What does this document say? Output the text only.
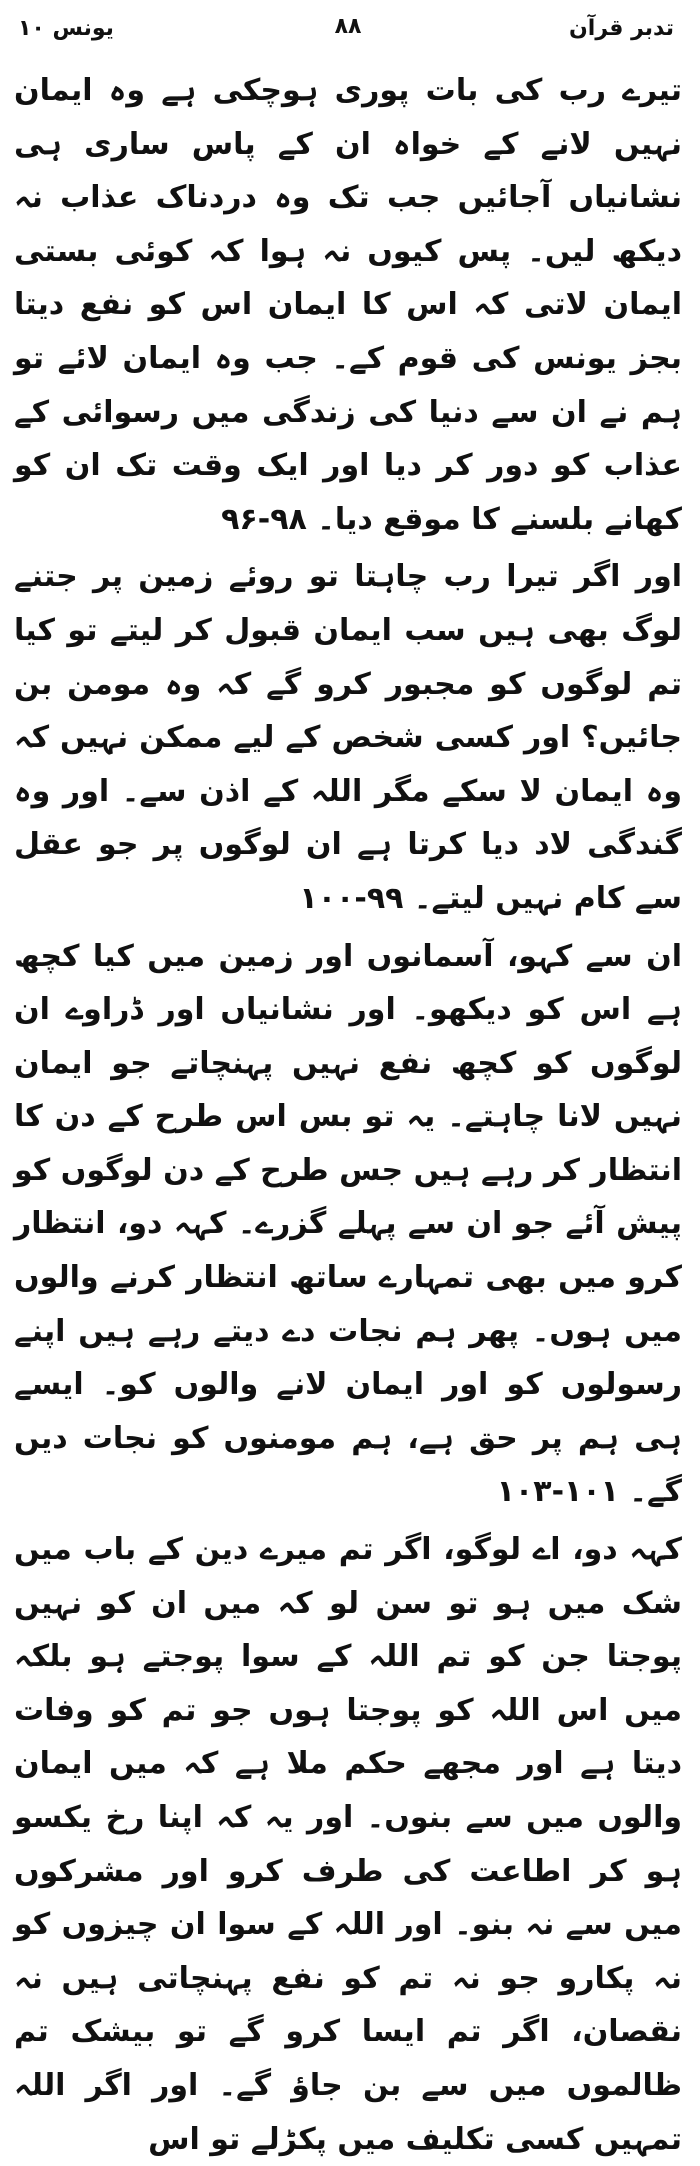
تدبر قرآن
۸۸
یونس ۱۰

تیرے رب کی بات پوری ہوچکی ہے وہ ایمان نہیں لانے کے خواہ ان کے پاس ساری ہی نشانیاں آجائیں جب تک وہ دردناک عذاب نہ دیکھ لیں۔ پس کیوں نہ ہوا کہ کوئی بستی ایمان لاتی کہ اس کا ایمان اس کو نفع دیتا بجز یونس کی قوم کے۔ جب وہ ایمان لائے تو ہم نے ان سے دنیا کی زندگی میں رسوائی کے عذاب کو دور کر دیا اور ایک وقت تک ان کو کھانے بلسنے کا موقع دیا۔ ۹۸-۹۶

اور اگر تیرا رب چاہتا تو روئے زمین پر جتنے لوگ بھی ہیں سب ایمان قبول کر لیتے تو کیا تم لوگوں کو مجبور کرو گے کہ وہ مومن بن جائیں؟ اور کسی شخص کے لیے ممکن نہیں کہ وہ ایمان لا سکے مگر اللہ کے اذن سے۔ اور وہ گندگی لاد دیا کرتا ہے ان لوگوں پر جو عقل سے کام نہیں لیتے۔ ۹۹-۱۰۰

ان سے کہو، آسمانوں اور زمین میں کیا کچھ ہے اس کو دیکھو۔ اور نشانیاں اور ڈراوے ان لوگوں کو کچھ نفع نہیں پہنچاتے جو ایمان نہیں لانا چاہتے۔ یہ تو بس اس طرح کے دن کا انتظار کر رہے ہیں جس طرح کے دن لوگوں کو پیش آئے جو ان سے پہلے گزرے۔ کہہ دو، انتظار کرو میں بھی تمہارے ساتھ انتظار کرنے والوں میں ہوں۔ پھر ہم نجات دے دیتے رہے ہیں اپنے رسولوں کو اور ایمان لانے والوں کو۔ ایسے ہی ہم پر حق ہے، ہم مومنوں کو نجات دیں گے۔ ۱۰۱-۱۰۳

کہہ دو، اے لوگو، اگر تم میرے دین کے باب میں شک میں ہو تو سن لو کہ میں ان کو نہیں پوجتا جن کو تم اللہ کے سوا پوجتے ہو بلکہ میں اس اللہ کو پوجتا ہوں جو تم کو وفات دیتا ہے اور مجھے حکم ملا ہے کہ میں ایمان والوں میں سے بنوں۔ اور یہ کہ اپنا رخ یکسو ہو کر اطاعت کی طرف کرو اور مشرکوں میں سے نہ بنو۔ اور اللہ کے سوا ان چیزوں کو نہ پکارو جو نہ تم کو نفع پہنچاتی ہیں نہ نقصان، اگر تم ایسا کرو گے تو بیشک تم ظالموں میں سے بن جاؤ گے۔ اور اگر اللہ تمہیں کسی تکلیف میں پکڑلے تو اس
